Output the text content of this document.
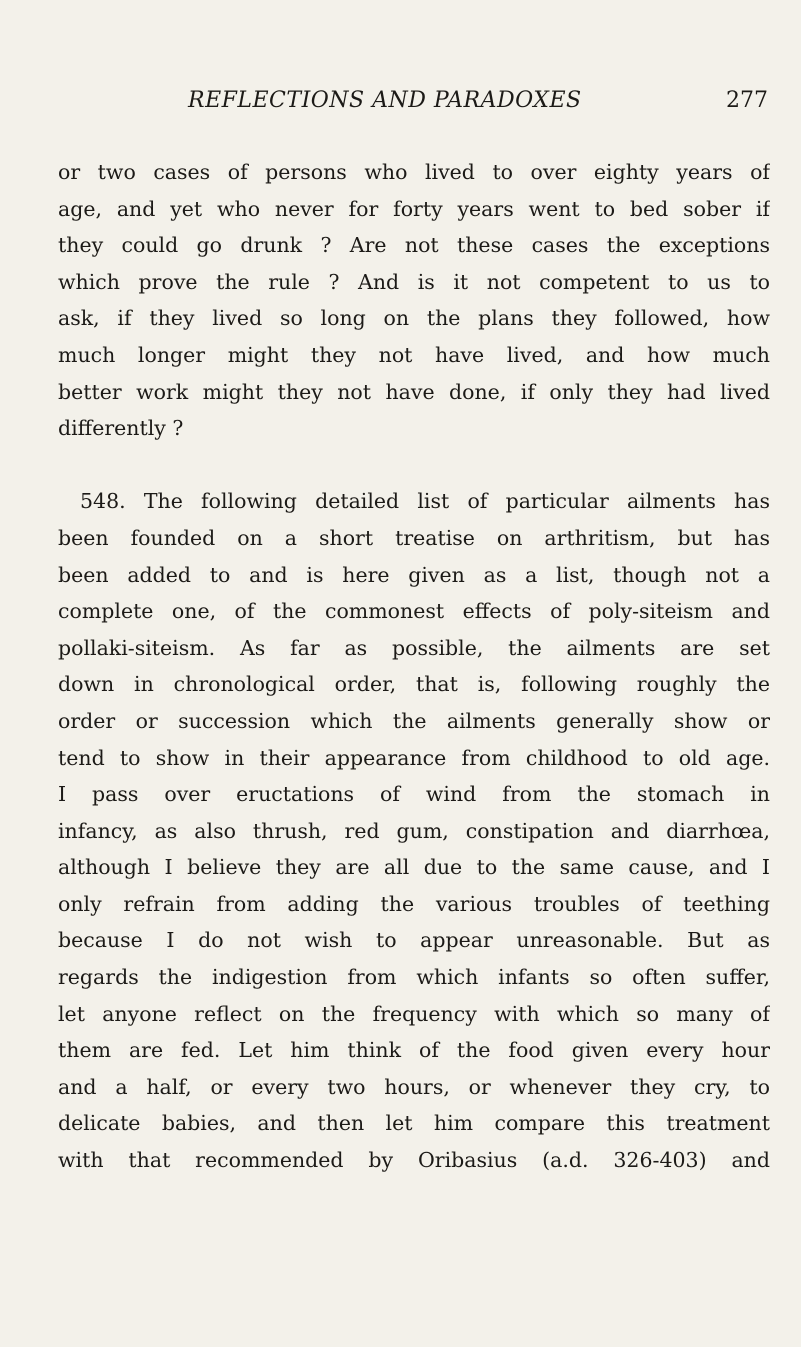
REFLECTIONS AND PARADOXES	277
or two cases of persons who lived to over eighty years of
age, and yet who never for forty years went to bed sober if
they could go drunk ? Are not these cases the exceptions
which prove the rule ? And is it not competent to us to
ask, if they lived so long on the plans they followed, how
much longer might they not have lived, and how much
better work might they not have done, if only they had lived
differently ?
548. The following detailed list of particular ailments has
been founded on a short treatise on arthritism, but has
been added to and is here given as a list, though not a
complete one, of the commonest effects of poly-siteism and
pollaki-siteism. As far as possible, the ailments are set
down in chronological order, that is, following roughly the
order or succession which the ailments generally show or
tend to show in their appearance from childhood to old age.
I pass over eructations of wind from the stomach in
infancy, as also thrush, red gum, constipation and diarrhœa,
although I believe they are all due to the same cause, and I
only refrain from adding the various troubles of teething
because I do not wish to appear unreasonable. But as
regards the indigestion from which infants so often suffer,
let anyone reflect on the frequency with which so many of
them are fed. Let him think of the food given every hour
and a half, or every two hours, or whenever they cry, to
delicate babies, and then let him compare this treatment
with that recommended by Oribasius (a.d. 326-403) and
